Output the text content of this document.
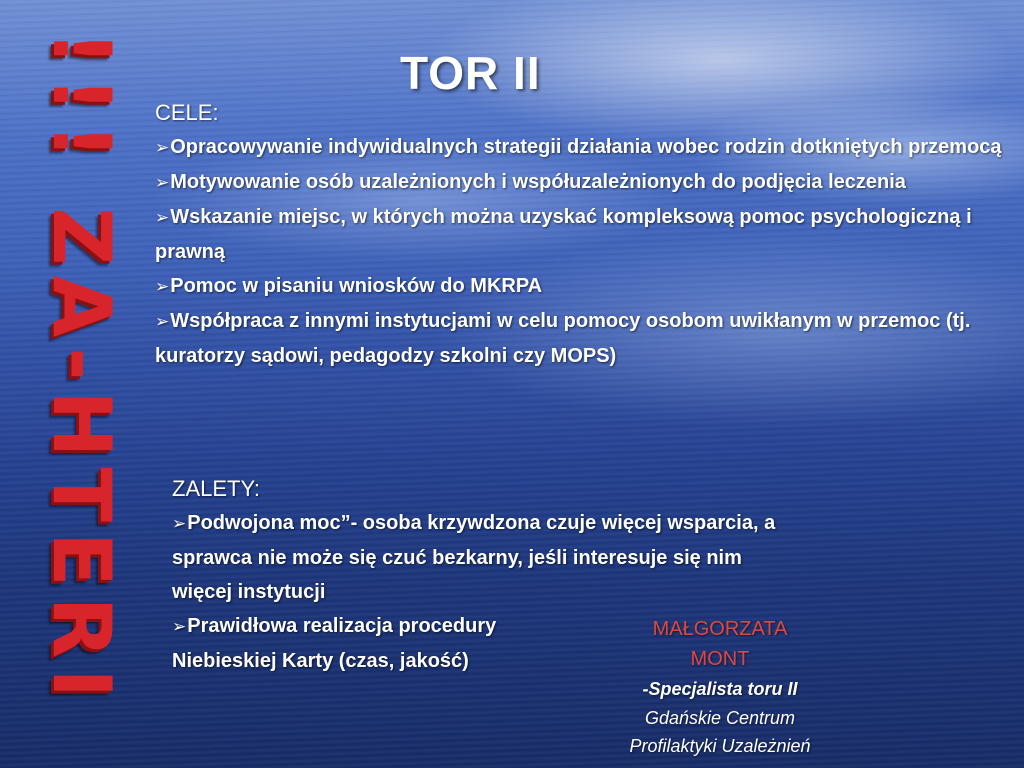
!!! ZA-HTERI	TOR II
CELE:
➢Opracowywanie indywidualnych strategii działania wobec rodzin dotkniętych przemocą
➢Motywowanie osób uzależnionych i współuzależnionych do podjęcia leczenia
➢Wskazanie miejsc, w których można uzyskać kompleksową pomoc psychologiczną i prawną
➢Pomoc w pisaniu wniosków do MKRPA
➢Współpraca z innymi instytucjami w celu pomocy osobom uwikłanym w przemoc (tj. kuratorzy sądowi, pedagodzy szkolni czy MOPS)
ZALETY:
➢Podwojona moc”- osoba krzywdzona czuje więcej wsparcia, a sprawca nie może się czuć bezkarny, jeśli interesuje się nim więcej instytucji
➢Prawidłowa realizacja procedury Niebieskiej Karty (czas, jakość)
MAŁGORZATA
MONT
-Specjalista toru II
Gdańskie Centrum
Profilaktyki Uzależnień
